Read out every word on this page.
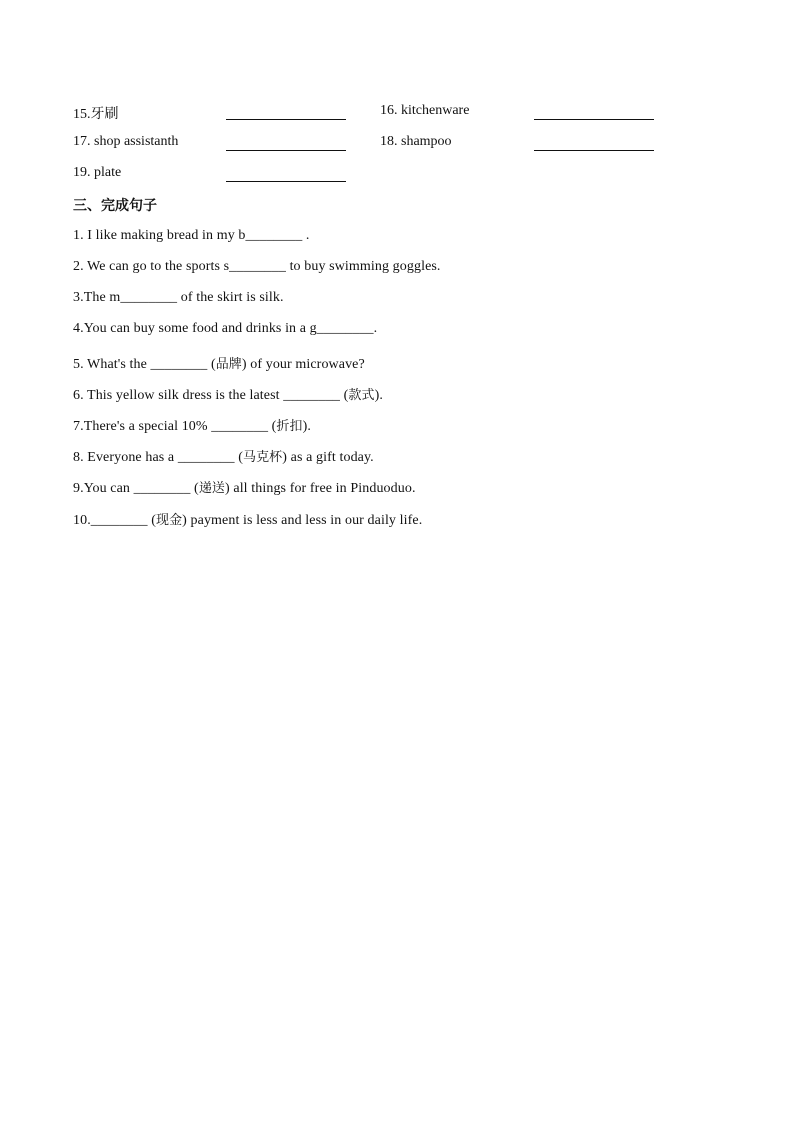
15.牙刷	16. kitchenware
17. shop assistanth	18. shampoo
19. plate
三、完成句子
1. I like making bread in my b________ .
2. We can go to the sports s________ to buy swimming goggles.
3.The m________ of the skirt is silk.
4.You can buy some food and drinks in a g________.
5. What's the ________ (品牌) of your microwave?
6. This yellow silk dress is the latest ________ (款式).
7.There's a special 10% ________ (折扣).
8. Everyone has a ________ (马克杯) as a gift today.
9.You can ________ (递送) all things for free in Pinduoduo.
10.________ (现金) payment is less and less in our daily life.
